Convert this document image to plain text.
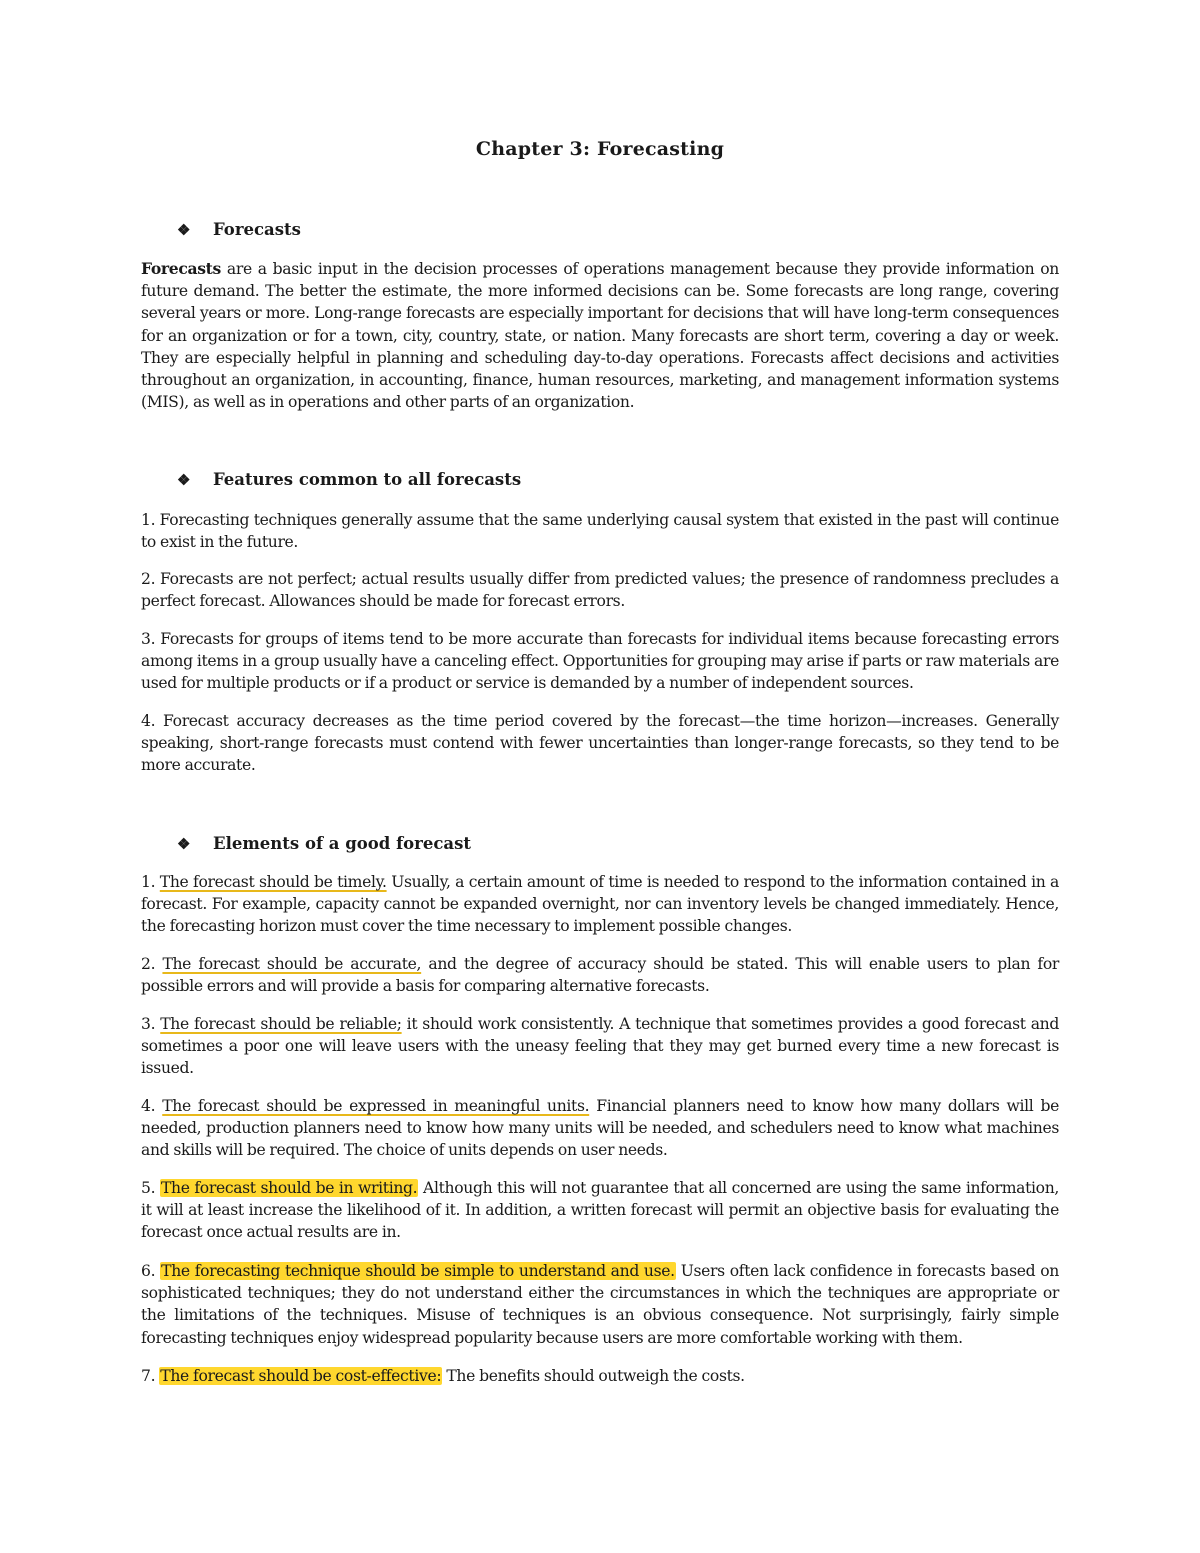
Chapter 3: Forecasting
❖ Forecasts
Forecasts are a basic input in the decision processes of operations management because they provide information on future demand. The better the estimate, the more informed decisions can be. Some forecasts are long range, covering several years or more. Long-range forecasts are especially important for decisions that will have long-term consequences for an organization or for a town, city, country, state, or nation. Many forecasts are short term, covering a day or week. They are especially helpful in planning and scheduling day-to-day operations. Forecasts affect decisions and activities throughout an organization, in accounting, finance, human resources, marketing, and management information systems (MIS), as well as in operations and other parts of an organization.
❖ Features common to all forecasts
1. Forecasting techniques generally assume that the same underlying causal system that existed in the past will continue to exist in the future.
2. Forecasts are not perfect; actual results usually differ from predicted values; the presence of randomness precludes a perfect forecast. Allowances should be made for forecast errors.
3. Forecasts for groups of items tend to be more accurate than forecasts for individual items because forecasting errors among items in a group usually have a canceling effect. Opportunities for grouping may arise if parts or raw materials are used for multiple products or if a product or service is demanded by a number of independent sources.
4. Forecast accuracy decreases as the time period covered by the forecast—the time horizon—increases. Generally speaking, short-range forecasts must contend with fewer uncertainties than longer-range forecasts, so they tend to be more accurate.
❖ Elements of a good forecast
1. The forecast should be timely. Usually, a certain amount of time is needed to respond to the information contained in a forecast. For example, capacity cannot be expanded overnight, nor can inventory levels be changed immediately. Hence, the forecasting horizon must cover the time necessary to implement possible changes.
2. The forecast should be accurate, and the degree of accuracy should be stated. This will enable users to plan for possible errors and will provide a basis for comparing alternative forecasts.
3. The forecast should be reliable; it should work consistently. A technique that sometimes provides a good forecast and sometimes a poor one will leave users with the uneasy feeling that they may get burned every time a new forecast is issued.
4. The forecast should be expressed in meaningful units. Financial planners need to know how many dollars will be needed, production planners need to know how many units will be needed, and schedulers need to know what machines and skills will be required. The choice of units depends on user needs.
5. The forecast should be in writing. Although this will not guarantee that all concerned are using the same information, it will at least increase the likelihood of it. In addition, a written forecast will permit an objective basis for evaluating the forecast once actual results are in.
6. The forecasting technique should be simple to understand and use. Users often lack confidence in forecasts based on sophisticated techniques; they do not understand either the circumstances in which the techniques are appropriate or the limitations of the techniques. Misuse of techniques is an obvious consequence. Not surprisingly, fairly simple forecasting techniques enjoy widespread popularity because users are more comfortable working with them.
7. The forecast should be cost-effective: The benefits should outweigh the costs.
